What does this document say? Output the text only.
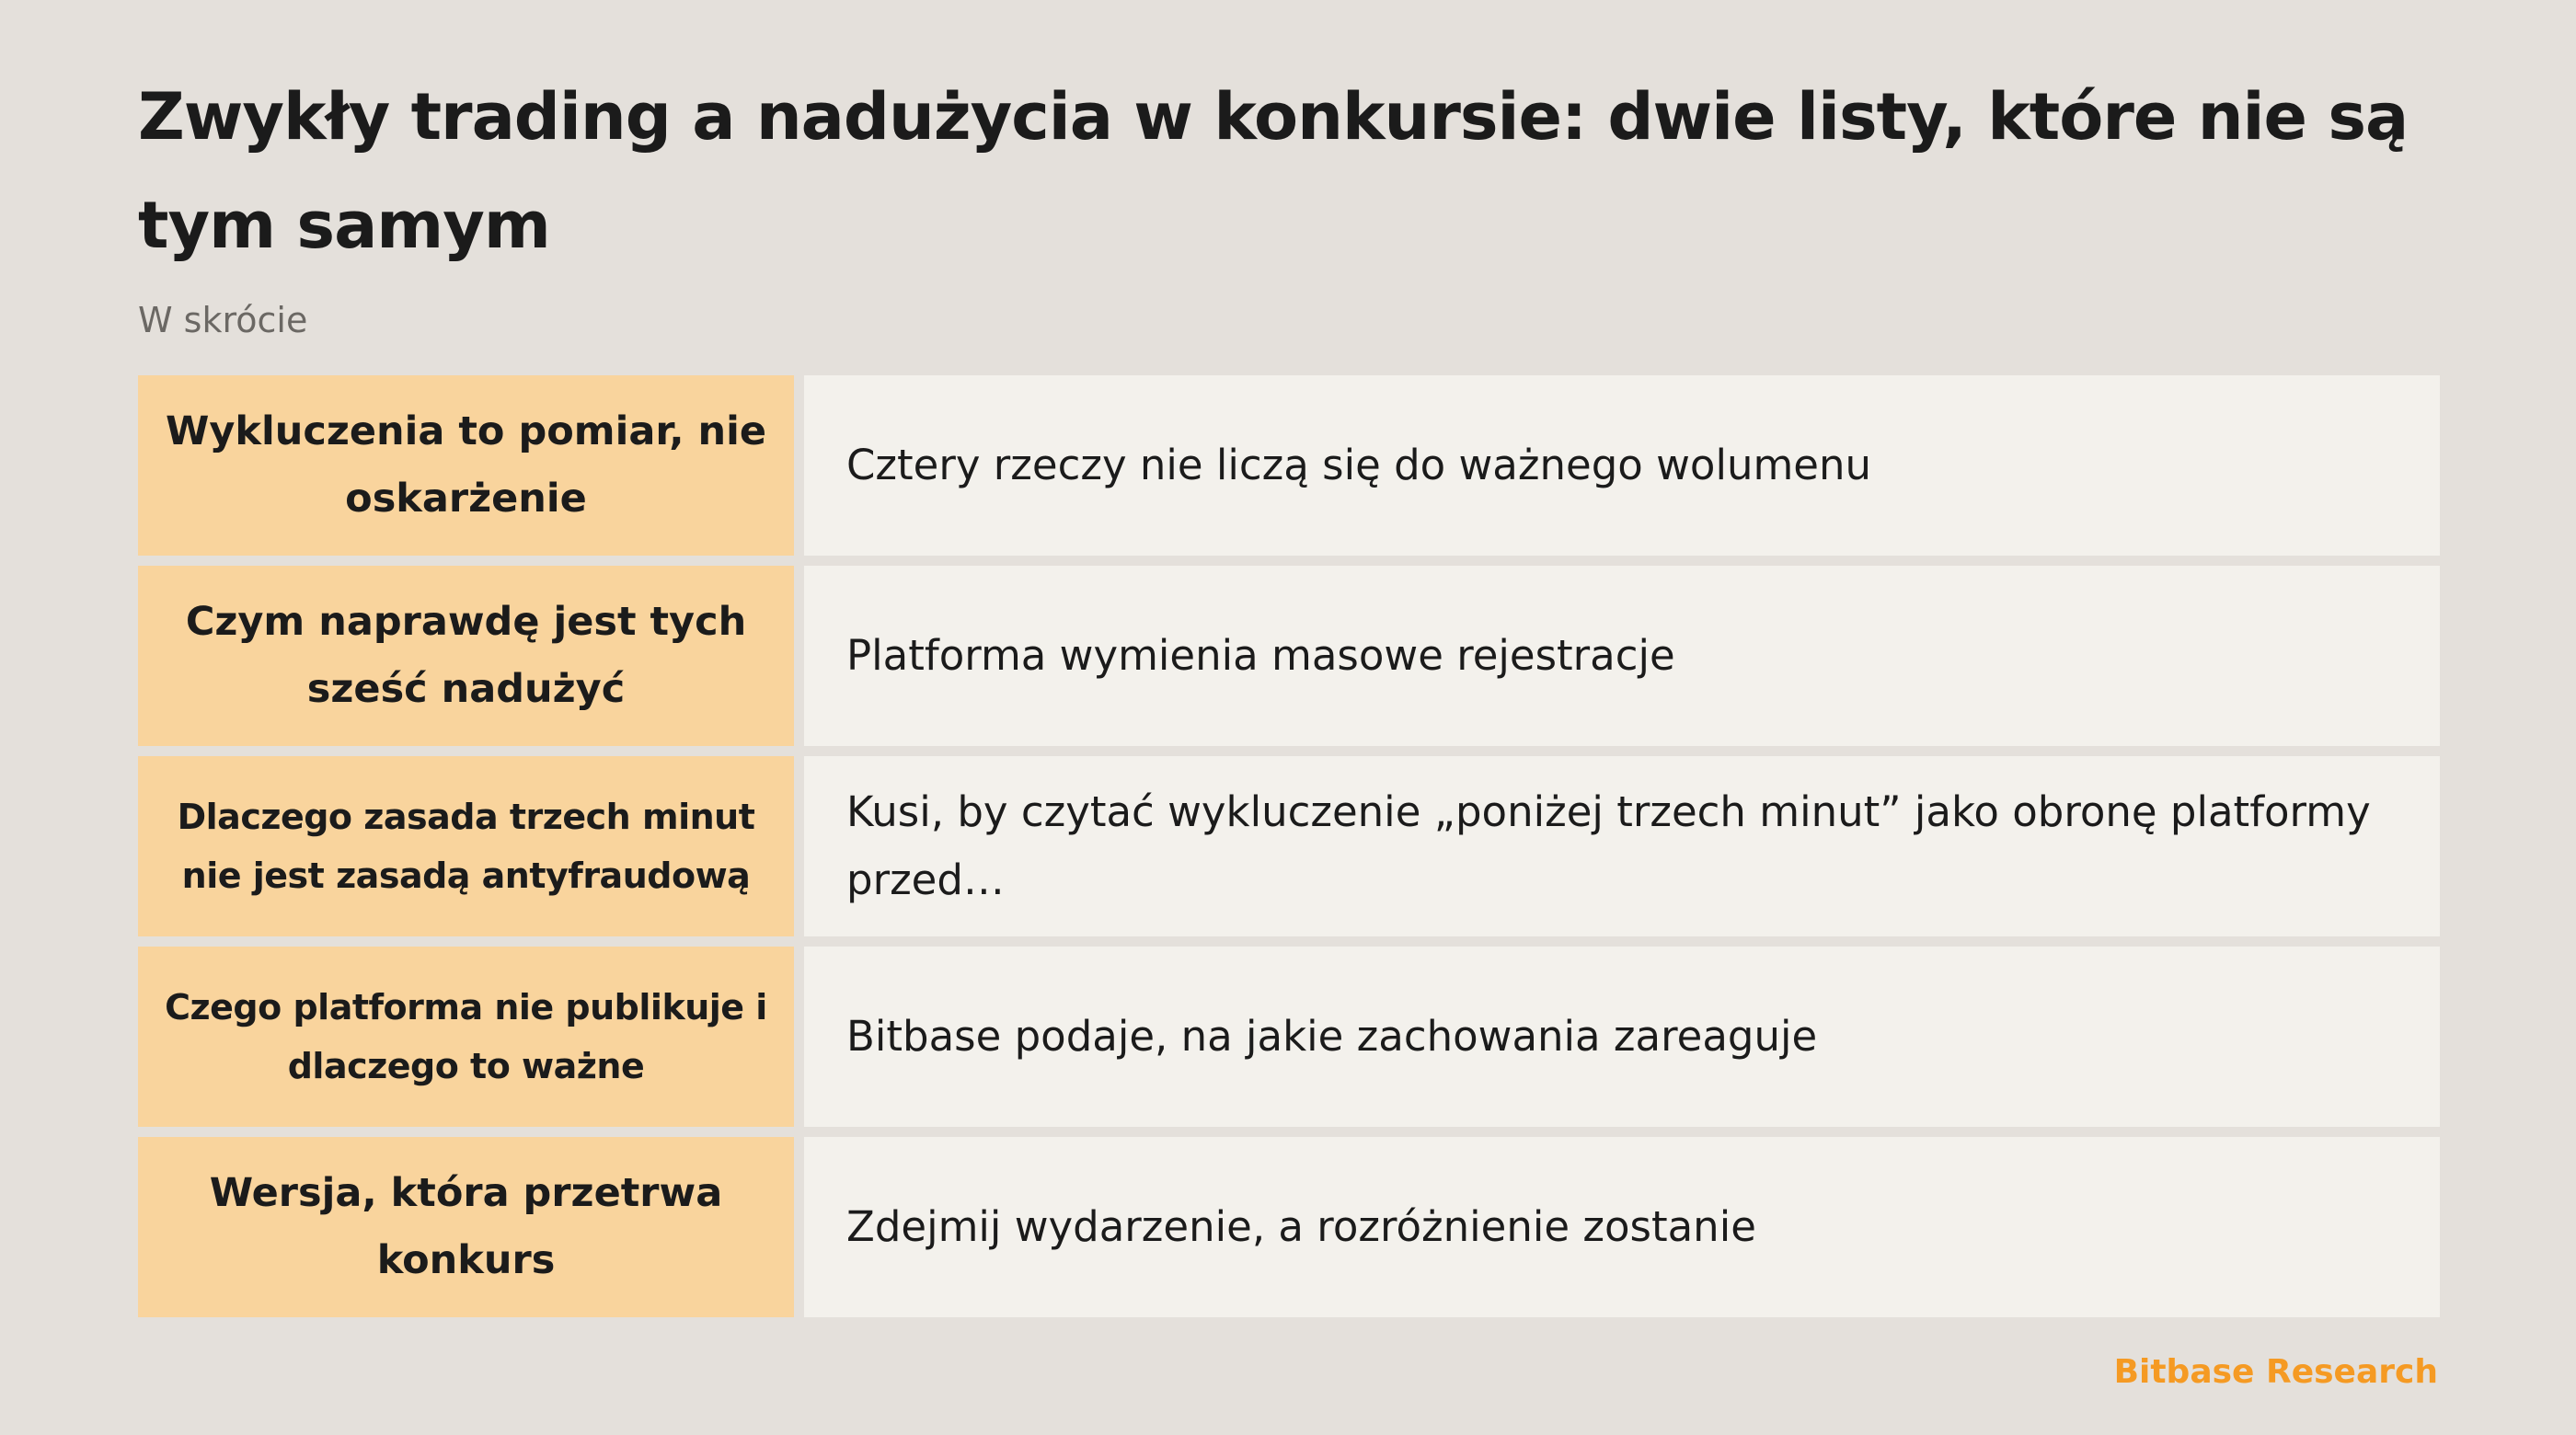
Zwykły trading a nadużycia w konkursie: dwie listy, które nie są tym samym
W skrócie
Wykluczenia to pomiar, nie oskarżenie
Cztery rzeczy nie liczą się do ważnego wolumenu
Czym naprawdę jest tych sześć nadużyć
Platforma wymienia masowe rejestracje
Dlaczego zasada trzech minut nie jest zasadą antyfraudową
Kusi, by czytać wykluczenie „poniżej trzech minut” jako obronę platformy przed…
Czego platforma nie publikuje i dlaczego to ważne
Bitbase podaje, na jakie zachowania zareaguje
Wersja, która przetrwa konkurs
Zdejmij wydarzenie, a rozróżnienie zostanie
Bitbase Research
